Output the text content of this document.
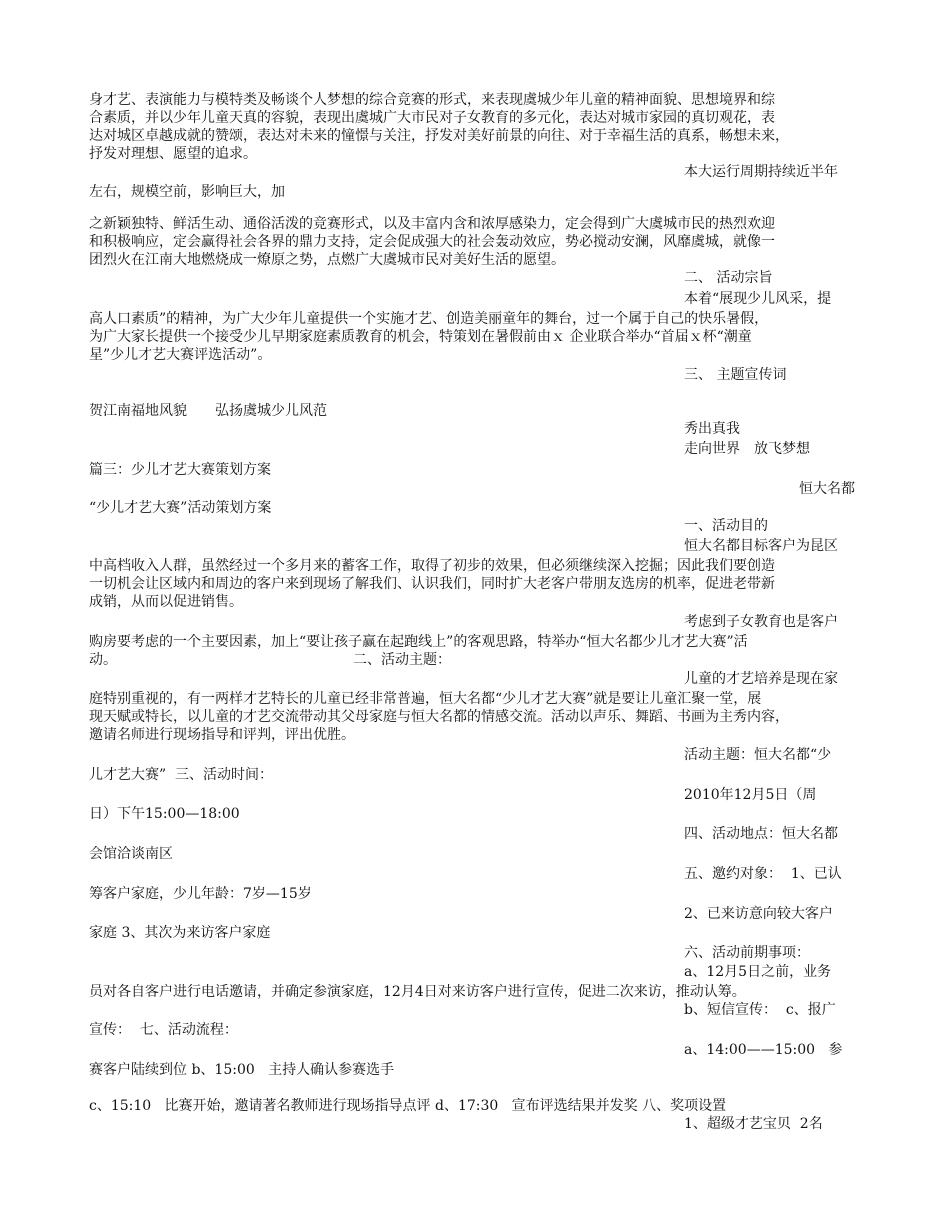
身才艺、表演能力与模特类及畅谈个人梦想的综合竞赛的形式，来表现虞城少年儿童的精神面貌、思想境界和综
合素质，并以少年儿童天真的容貌，表现出虞城广大市民对子女教育的多元化，表达对城市家园的真切观花，表
达对城区卓越成就的赞颂，表达对未来的憧憬与关注，抒发对美好前景的向往、对于幸福生活的真系，畅想未来，
抒发对理想、愿望的追求。
本大运行周期持续近半年
左右，规模空前，影响巨大，加
之新颖独特、鲜活生动、通俗活泼的竞赛形式，以及丰富内含和浓厚感染力，定会得到广大虞城市民的热烈欢迎
和积极响应，定会赢得社会各界的鼎力支持，定会促成强大的社会轰动效应，势必搅动安澜，风靡虞城，就像一
团烈火在江南大地燃烧成一燎原之势，点燃广大虞城市民对美好生活的愿望。
二、 活动宗旨
本着“展现少儿风采，提
高人口素质”的精神，为广大少年儿童提供一个实施才艺、创造美丽童年的舞台，过一个属于自己的快乐暑假，
为广大家长提供一个接受少儿早期家庭素质教育的机会，特策划在暑假前由ｘ 企业联合举办“首届ｘ杯“潮童
星”少儿才艺大赛评选活动”。
三、 主题宣传词
贺江南福地风貌　　弘扬虞城少儿风范
秀出真我
走向世界　放飞梦想
篇三：少儿才艺大赛策划方案
恒大名都
“少儿才艺大赛”活动策划方案
一、活动目的
恒大名都目标客户为昆区
中高档收入人群，虽然经过一个多月来的蓄客工作，取得了初步的效果，但必须继续深入挖掘；因此我们要创造
一切机会让区域内和周边的客户来到现场了解我们、认识我们，同时扩大老客户带朋友选房的机率，促进老带新
成销，从而以促进销售。
考虑到子女教育也是客户
购房要考虑的一个主要因素，加上“要让孩子赢在起跑线上”的客观思路，特举办“恒大名都少儿才艺大赛”活
动。	二、活动主题：
儿童的才艺培养是现在家
庭特别重视的，有一两样才艺特长的儿童已经非常普遍，恒大名都“少儿才艺大赛”就是要让儿童汇聚一堂，展
现天赋或特长，以儿童的才艺交流带动其父母家庭与恒大名都的情感交流。活动以声乐、舞蹈、书画为主秀内容，
邀请名师进行现场指导和评判，评出优胜。
活动主题：恒大名都“少
儿才艺大赛”  三、活动时间：
2010年12月5日（周
日）下午15:00—18:00
四、活动地点：恒大名都
会馆洽谈南区
五、邀约对象：  1、已认
筹客户家庭，少儿年龄：7岁—15岁
2、已来访意向较大客户
家庭 3、其次为来访客户家庭
六、活动前期事项：
a、12月5日之前，业务
员对各自客户进行电话邀请，并确定参演家庭，12月4日对来访客户进行宣传，促进二次来访，推动认筹。
b、短信宣传：  c、报广
宣传：  七、活动流程：
a、14:00——15:00   参
赛客户陆续到位 b、15:00   主持人确认参赛选手
c、15:10   比赛开始，邀请著名教师进行现场指导点评 d、17:30   宣布评选结果并发奖 八、奖项设置
1、超级才艺宝贝  2名
